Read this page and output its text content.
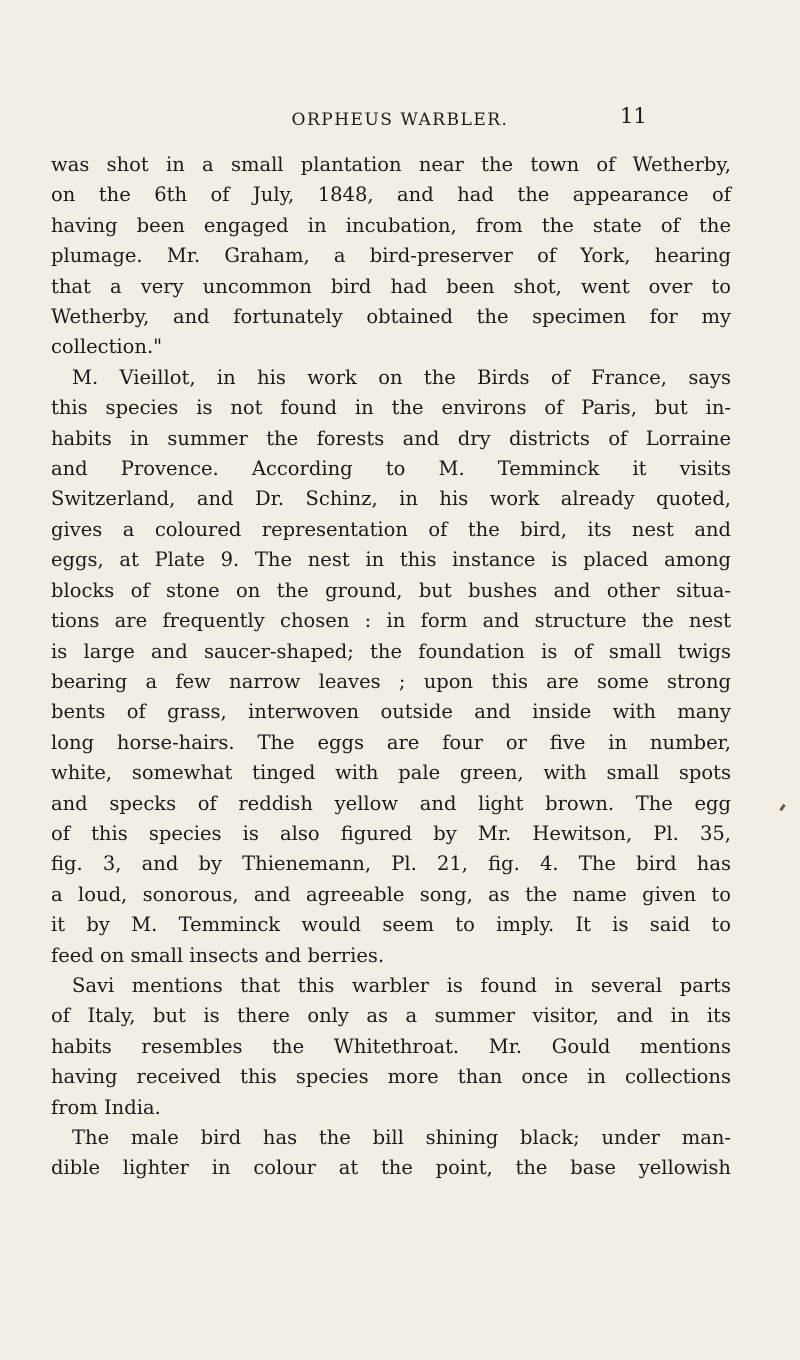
ORPHEUS WARBLER.	11
was shot in a small plantation near the town of Wetherby,
on the 6th of July, 1848, and had the appearance of
having been engaged in incubation, from the state of the
plumage. Mr. Graham, a bird-preserver of York, hearing
that a very uncommon bird had been shot, went over to
Wetherby, and fortunately obtained the specimen for my
collection."
M. Vieillot, in his work on the Birds of France, says
this species is not found in the environs of Paris, but in-
habits in summer the forests and dry districts of Lorraine
and Provence. According to M. Temminck it visits
Switzerland, and Dr. Schinz, in his work already quoted,
gives a coloured representation of the bird, its nest and
eggs, at Plate 9. The nest in this instance is placed among
blocks of stone on the ground, but bushes and other situa-
tions are frequently chosen : in form and structure the nest
is large and saucer-shaped; the foundation is of small twigs
bearing a few narrow leaves ; upon this are some strong
bents of grass, interwoven outside and inside with many
long horse-hairs. The eggs are four or five in number,
white, somewhat tinged with pale green, with small spots
and specks of reddish yellow and light brown. The egg
of this species is also figured by Mr. Hewitson, Pl. 35,
fig. 3, and by Thienemann, Pl. 21, fig. 4. The bird has
a loud, sonorous, and agreeable song, as the name given to
it by M. Temminck would seem to imply. It is said to
feed on small insects and berries.
Savi mentions that this warbler is found in several parts
of Italy, but is there only as a summer visitor, and in its
habits resembles the Whitethroat. Mr. Gould mentions
having received this species more than once in collections
from India.
The male bird has the bill shining black; under man-
dible lighter in colour at the point, the base yellowish
